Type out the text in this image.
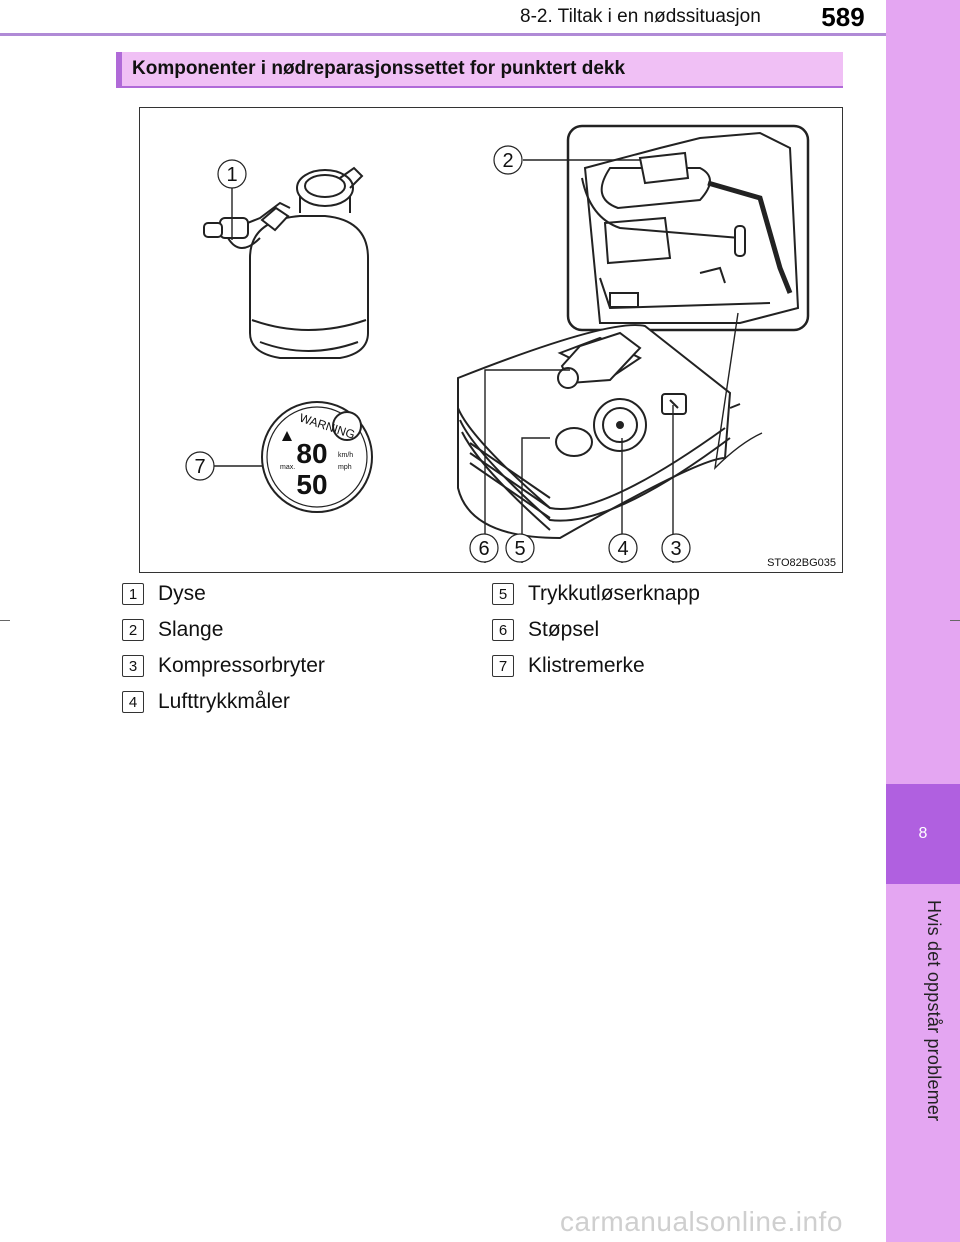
8-2. Tiltak i en nødssituasjon 589
8
Hvis det oppstår problemer
Komponenter i nødreparasjonssettet for punktert dekk
1
2
3
4
5
6
7
WARNING
80
50
km/h
mph
max.
STO82BG035
1 Dyse
2 Slange
3 Kompressorbryter
4 Lufttrykkmåler
5 Trykkutløserknapp
6 Støpsel
7 Klistremerke
carmanualsonline.info
